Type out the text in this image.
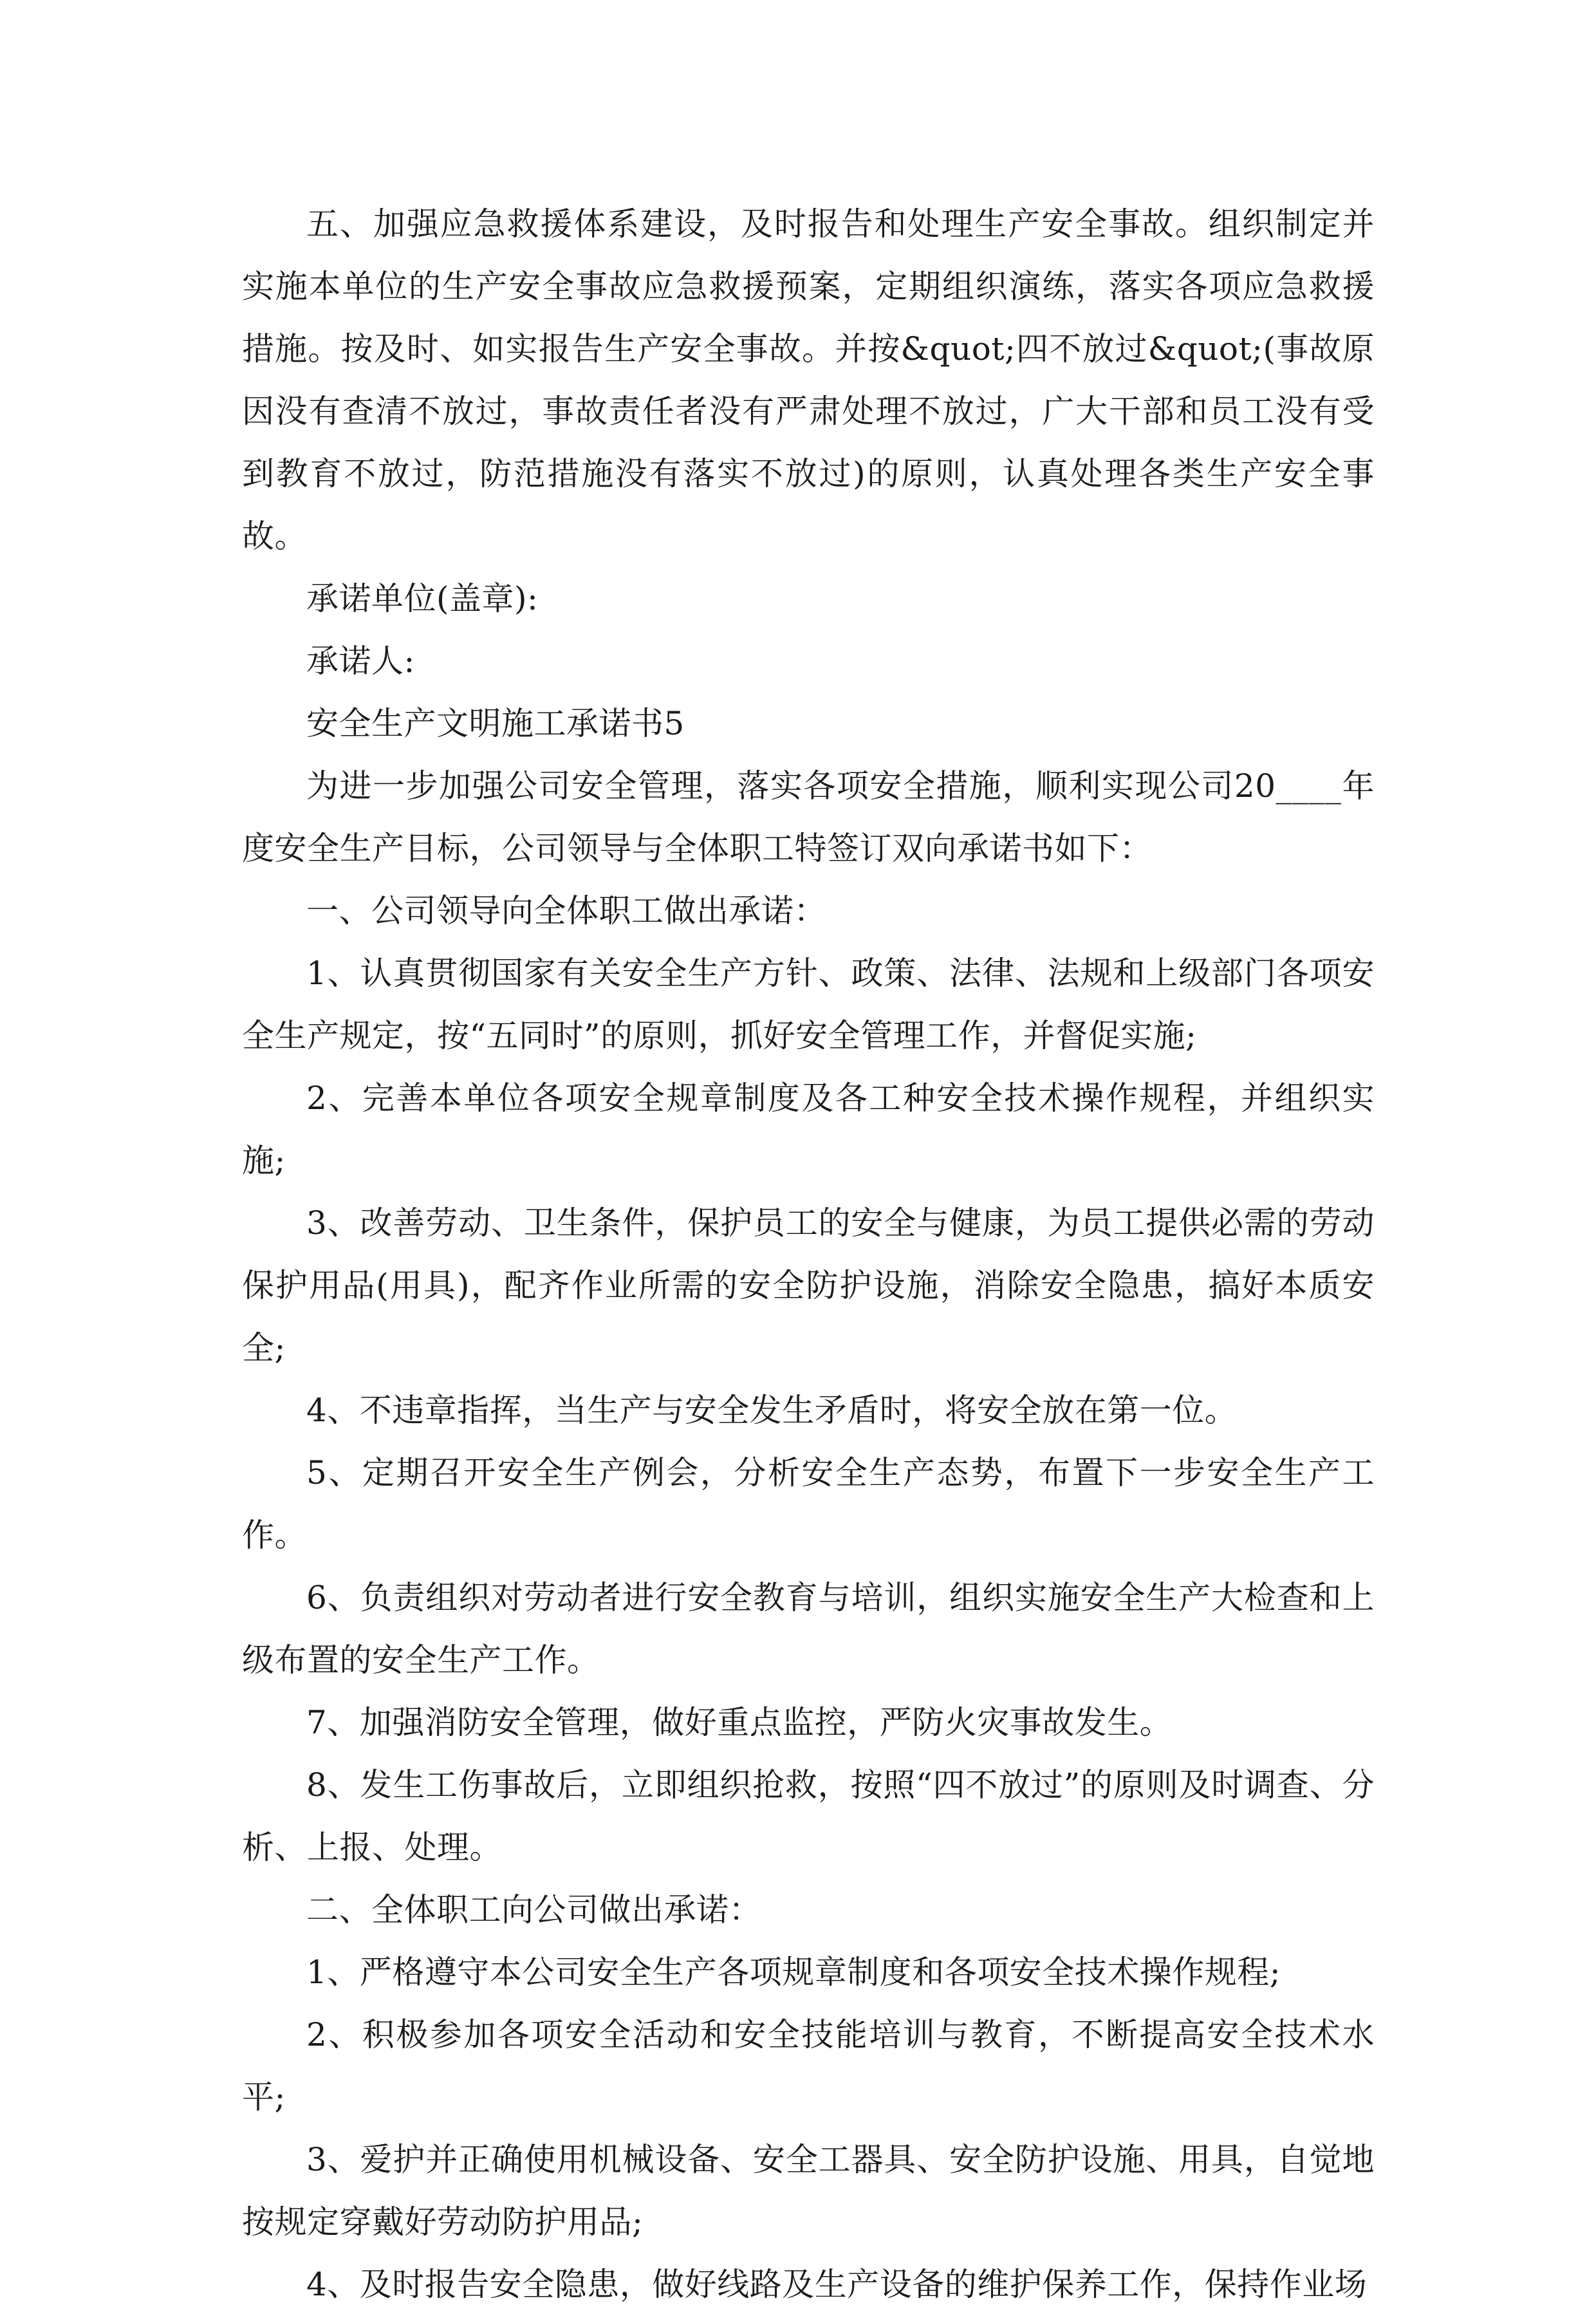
五、加强应急救援体系建设，及时报告和处理生产安全事故。组织制定并实施本单位的生产安全事故应急救援预案，定期组织演练，落实各项应急救援措施。按及时、如实报告生产安全事故。并按&quot;四不放过&quot;(事故原因没有查清不放过，事故责任者没有严肃处理不放过，广大干部和员工没有受到教育不放过，防范措施没有落实不放过)的原则，认真处理各类生产安全事故。

承诺单位(盖章):

承诺人:

安全生产文明施工承诺书5

为进一步加强公司安全管理，落实各项安全措施，顺利实现公司20____年度安全生产目标，公司领导与全体职工特签订双向承诺书如下：

一、公司领导向全体职工做出承诺：

1、认真贯彻国家有关安全生产方针、政策、法律、法规和上级部门各项安全生产规定，按“五同时”的原则，抓好安全管理工作，并督促实施;

2、完善本单位各项安全规章制度及各工种安全技术操作规程，并组织实施;

3、改善劳动、卫生条件，保护员工的安全与健康，为员工提供必需的劳动保护用品(用具)，配齐作业所需的安全防护设施，消除安全隐患，搞好本质安全;

4、不违章指挥，当生产与安全发生矛盾时，将安全放在第一位。

5、定期召开安全生产例会，分析安全生产态势，布置下一步安全生产工作。

6、负责组织对劳动者进行安全教育与培训，组织实施安全生产大检查和上级布置的安全生产工作。

7、加强消防安全管理，做好重点监控，严防火灾事故发生。

8、发生工伤事故后，立即组织抢救，按照“四不放过”的原则及时调查、分析、上报、处理。

二、全体职工向公司做出承诺：

1、严格遵守本公司安全生产各项规章制度和各项安全技术操作规程;

2、积极参加各项安全活动和安全技能培训与教育，不断提高安全技术水平;

3、爱护并正确使用机械设备、安全工器具、安全防护设施、用具，自觉地按规定穿戴好劳动防护用品;

4、及时报告安全隐患，做好线路及生产设备的维护保养工作，保持作业场
